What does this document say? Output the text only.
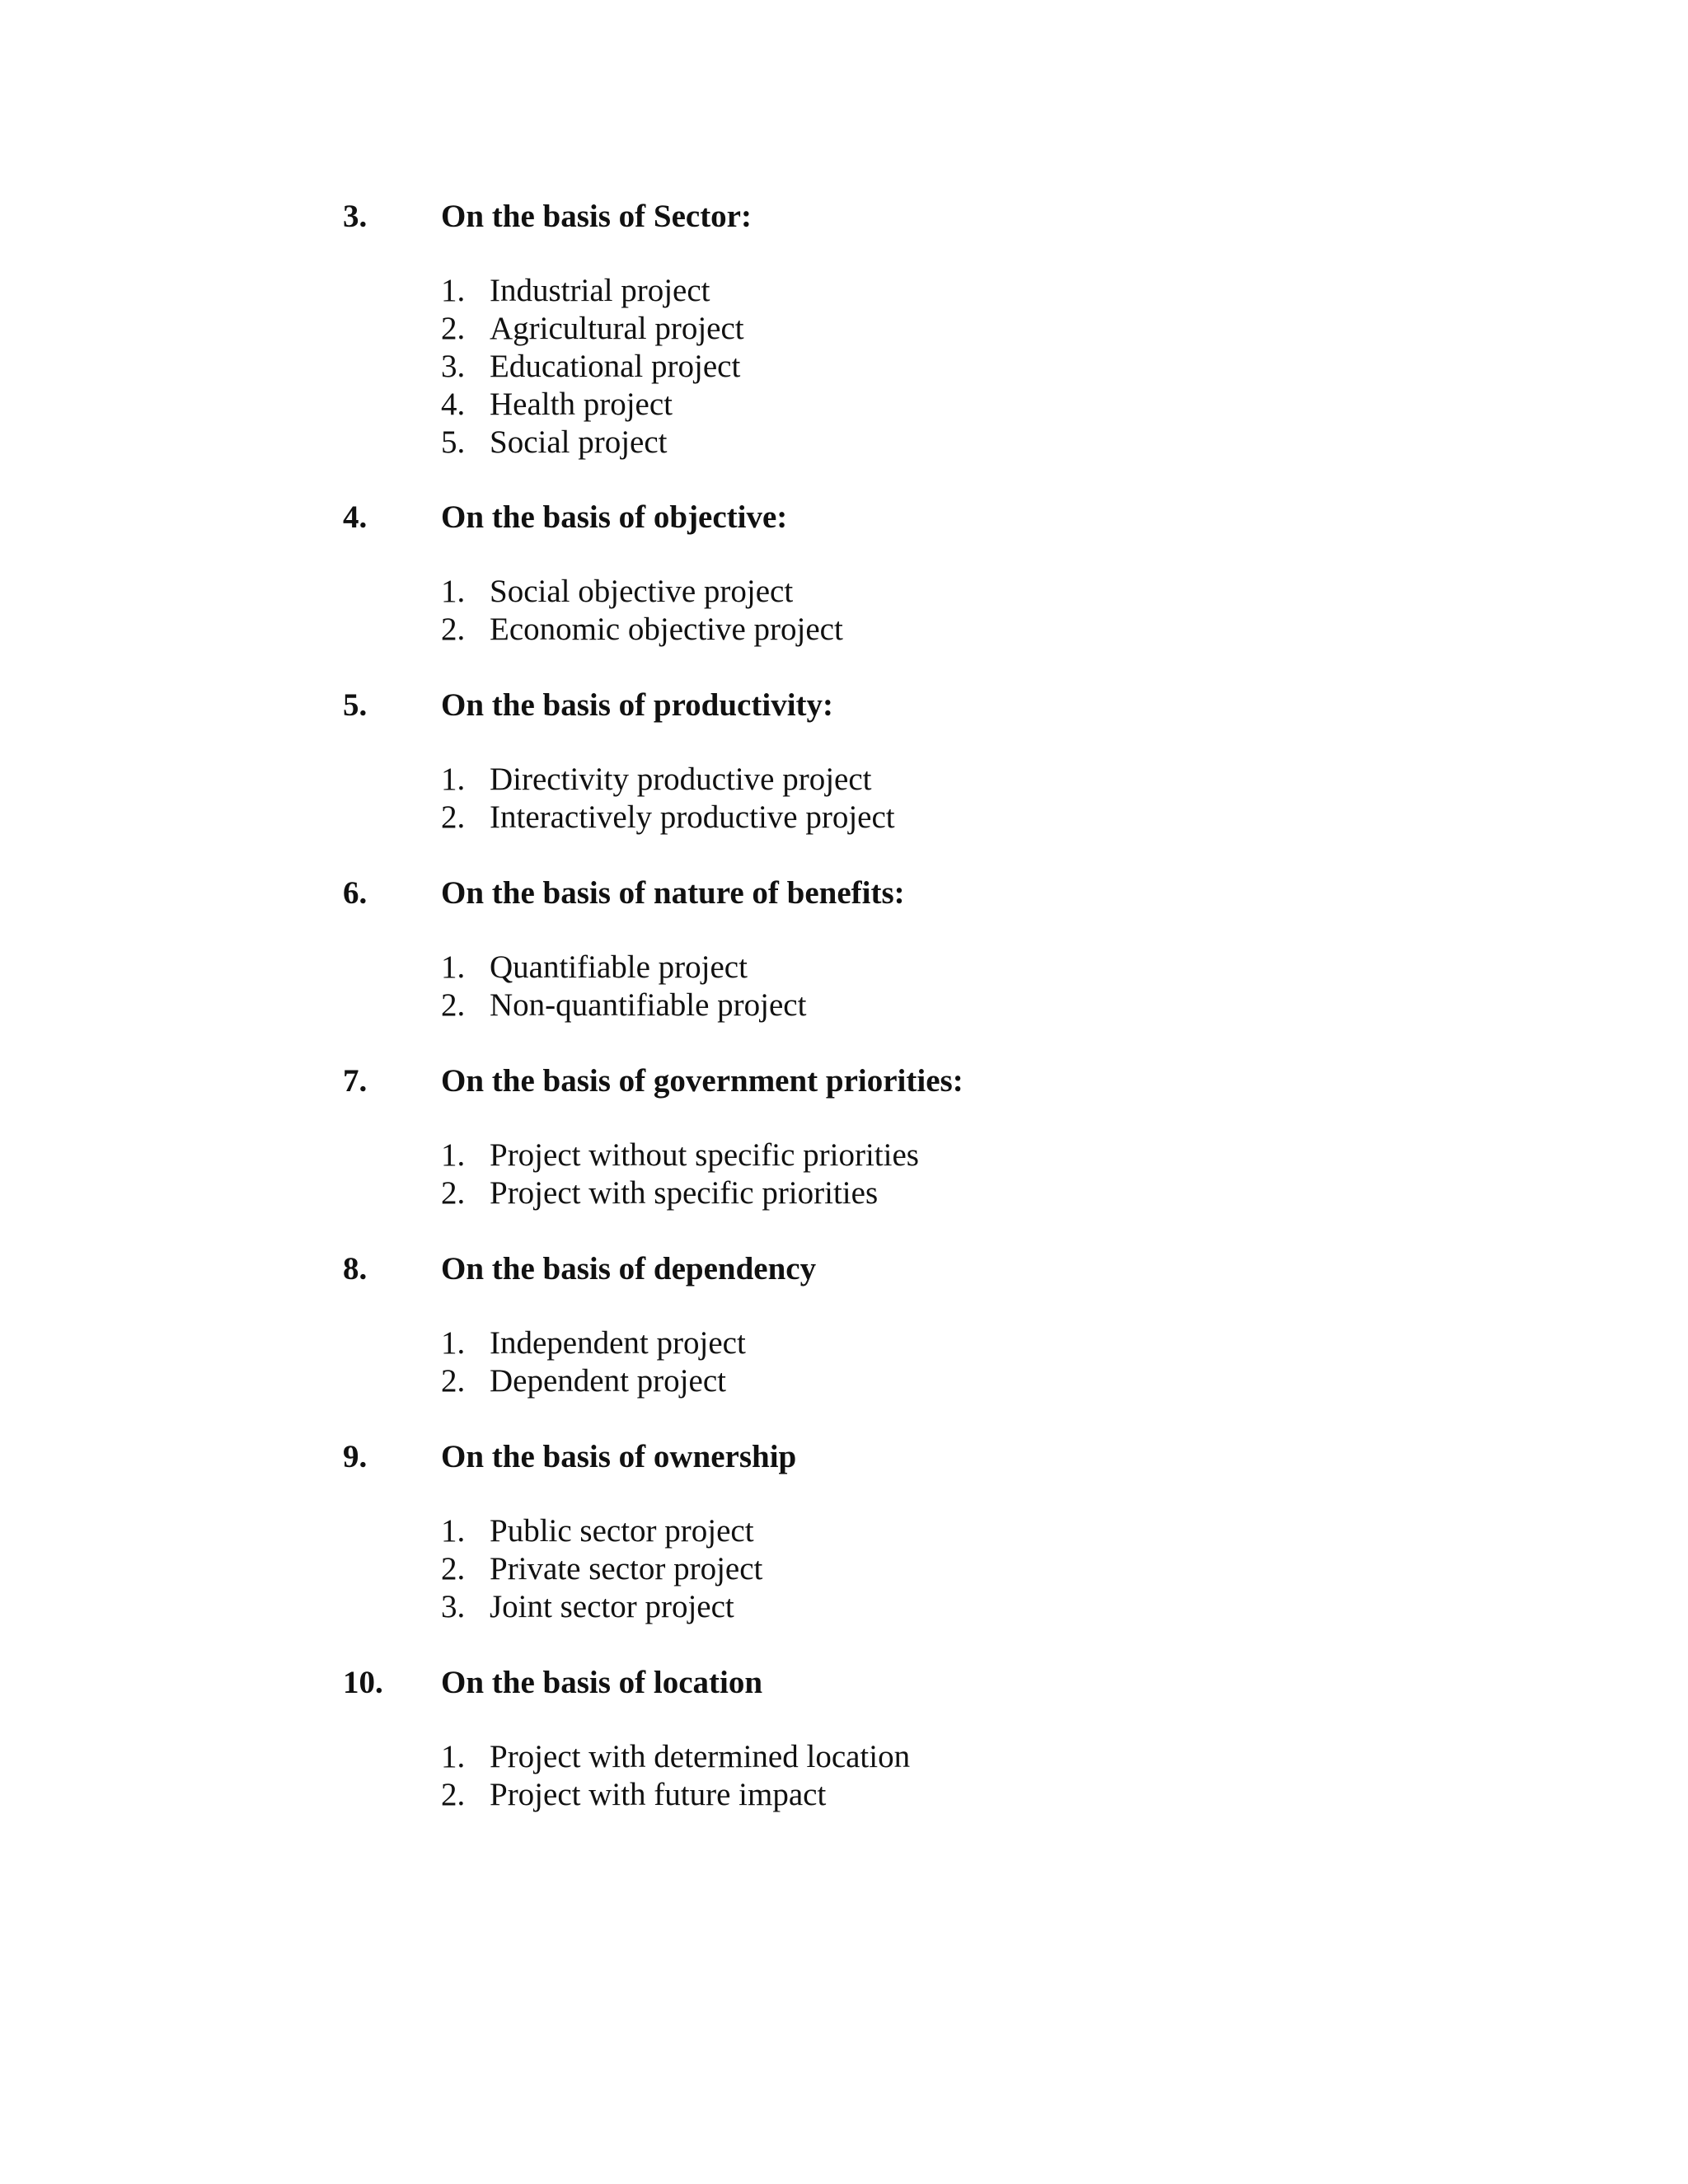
3. On the basis of Sector:
1. Industrial project
2. Agricultural project
3. Educational project
4. Health project
5. Social project
4. On the basis of objective:
1. Social objective project
2. Economic objective project
5. On the basis of productivity:
1. Directivity productive project
2. Interactively productive project
6. On the basis of nature of benefits:
1. Quantifiable project
2. Non-quantifiable project
7. On the basis of government priorities:
1. Project without specific priorities
2. Project with specific priorities
8. On the basis of dependency
1. Independent project
2. Dependent project
9. On the basis of ownership
1. Public sector project
2. Private sector project
3. Joint sector project
10. On the basis of location
1. Project with determined location
2. Project with future impact
